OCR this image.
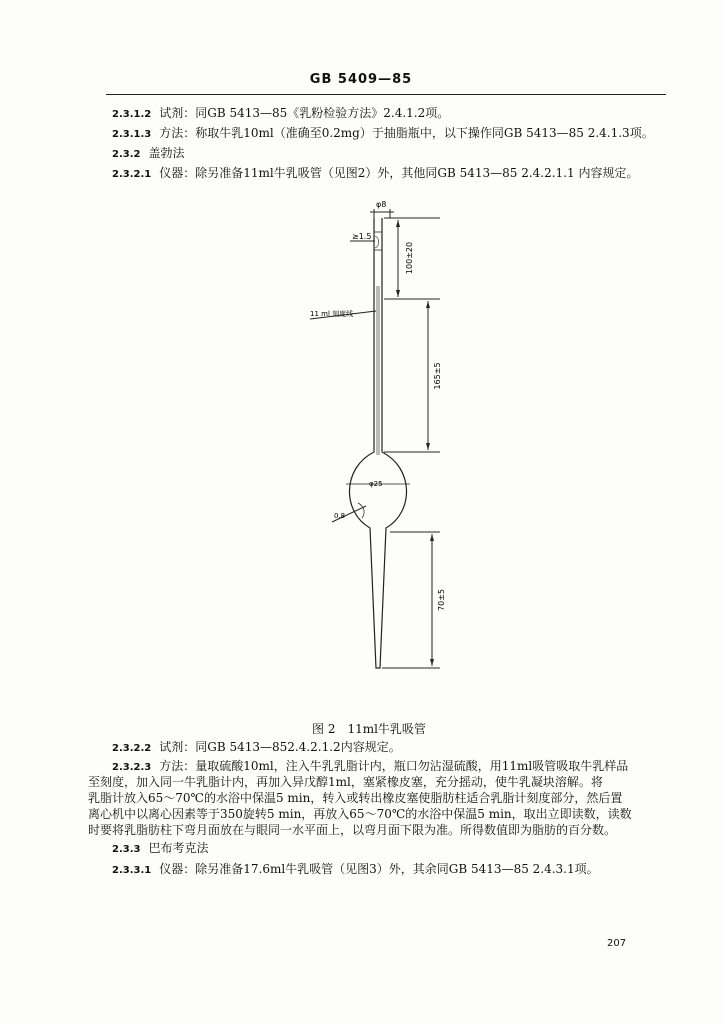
GB 5409—85
2.3.1.2 试剂：同GB 5413—85《乳粉检验方法》2.4.1.2项。
2.3.1.3 方法：称取牛乳10ml（准确至0.2mg）于抽脂瓶中，以下操作同GB 5413—85 2.4.1.3项。
2.3.2 盖勃法
2.3.2.1 仪器：除另准备11ml牛乳吸管（见图2）外，其他同GB 5413—85 2.4.2.1.1 内容规定。
φ8
≥1.5
11 ml 刻度线
φ25
0.8
100±20
165±5
70±5
图 2　11ml牛乳吸管
2.3.2.2 试剂：同GB 5413—852.4.2.1.2内容规定。
2.3.2.3 方法：量取硫酸10ml，注入牛乳乳脂计内，瓶口勿沾湿硫酸，用11ml吸管吸取牛乳样品
至刻度，加入同一牛乳脂计内，再加入异戊醇1ml，塞紧橡皮塞，充分摇动，使牛乳凝块溶解。将
乳脂计放入65～70℃的水浴中保温5 min，转入或转出橡皮塞使脂肪柱适合乳脂计刻度部分，然后置
离心机中以离心因素等于350旋转5 min，再放入65～70℃的水浴中保温5 min，取出立即读数，读数
时要将乳脂肪柱下弯月面放在与眼同一水平面上，以弯月面下限为准。所得数值即为脂肪的百分数。
2.3.3 巴布考克法
2.3.3.1 仪器：除另准备17.6ml牛乳吸管（见图3）外，其余同GB 5413—85 2.4.3.1项。
207
